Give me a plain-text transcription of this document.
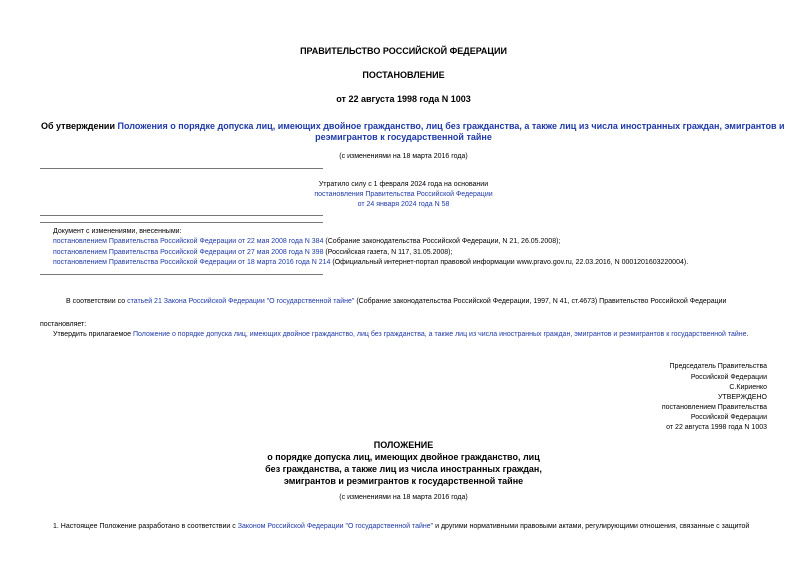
ПРАВИТЕЛЬСТВО РОССИЙСКОЙ ФЕДЕРАЦИИ
ПОСТАНОВЛЕНИЕ
от 22 августа 1998 года N 1003
Об утверждении Положения о порядке допуска лиц, имеющих двойное гражданство, лиц без гражданства, а также лиц из числа иностранных граждан, эмигрантов и
реэмигрантов к государственной тайне
(с изменениями на 18 марта 2016 года)
Утратило силу с 1 февраля 2024 года на основании
постановления Правительства Российской Федерации
от 24 января 2024 года N 58
Документ с изменениями, внесенными:
постановлением Правительства Российской Федерации от 22 мая 2008 года N 384 (Собрание законодательства Российской Федерации, N 21, 26.05.2008);
постановлением Правительства Российской Федерации от 27 мая 2008 года N 398 (Российская газета, N 117, 31.05.2008);
постановлением Правительства Российской Федерации от 18 марта 2016 года N 214 (Официальный интернет-портал правовой информации www.pravo.gov.ru, 22.03.2016, N 0001201603220004).
В соответствии со статьей 21 Закона Российской Федерации "О государственной тайне" (Собрание законодательства Российской Федерации, 1997, N 41, ст.4673) Правительство Российской Федерации
постановляет:
Утвердить прилагаемое Положение о порядке допуска лиц, имеющих двойное гражданство, лиц без гражданства, а также лиц из числа иностранных граждан, эмигрантов и реэмигрантов к государственной тайне.
Председатель Правительства
Российской Федерации
С.Кириенко
УТВЕРЖДЕНО
постановлением Правительства
Российской Федерации
от 22 августа 1998 года N 1003
ПОЛОЖЕНИЕ
о порядке допуска лиц, имеющих двойное гражданство, лиц
без гражданства, а также лиц из числа иностранных граждан,
эмигрантов и реэмигрантов к государственной тайне
(с изменениями на 18 марта 2016 года)
1. Настоящее Положение разработано в соответствии с Законом Российской Федерации "О государственной тайне" и другими нормативными правовыми актами, регулирующими отношения, связанные с защитой
